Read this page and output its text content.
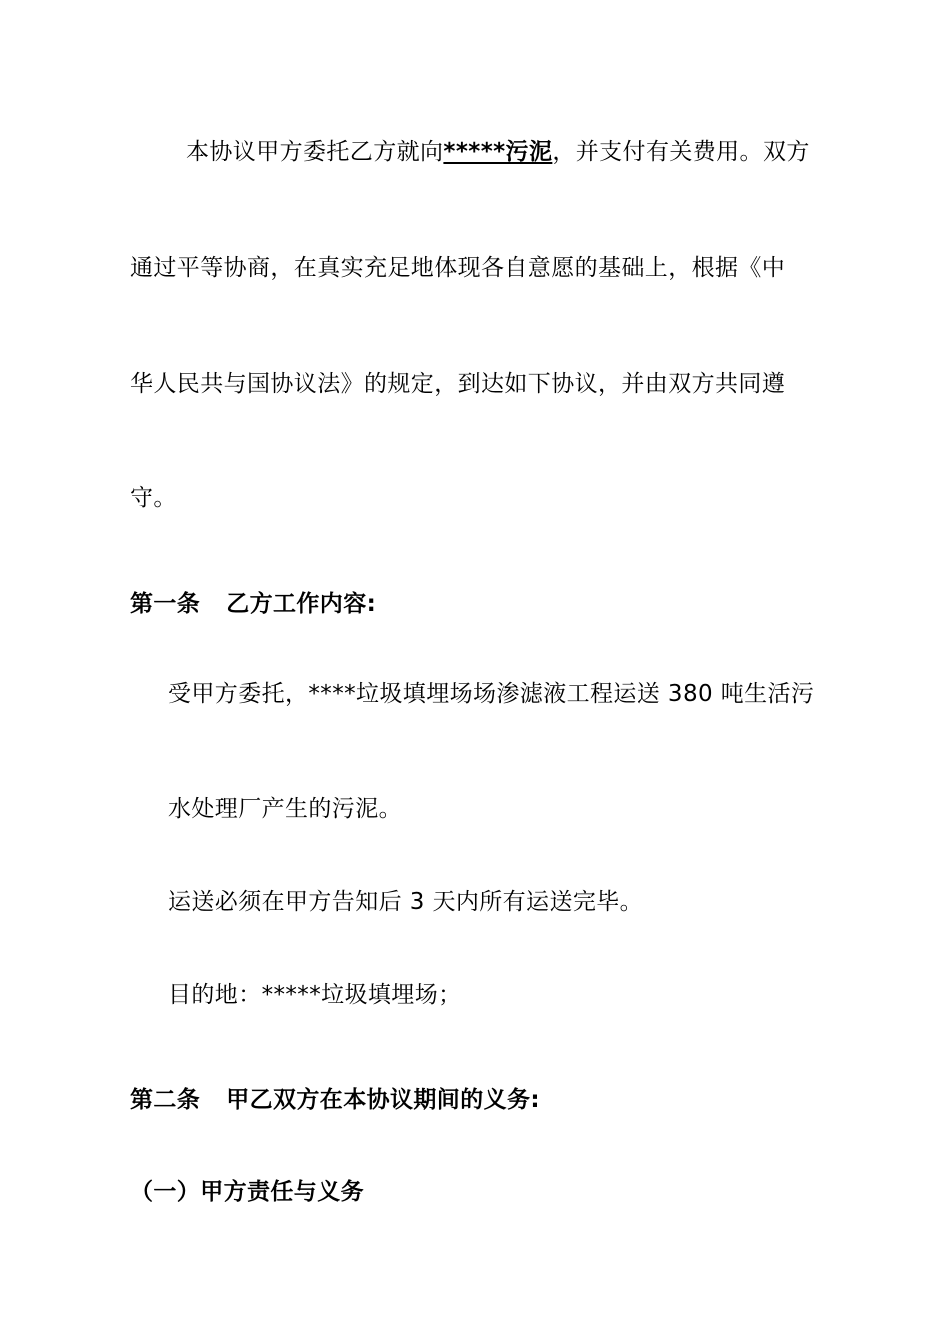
本协议甲方委托乙方就向*****污泥，并支付有关费用。双方
通过平等协商，在真实充足地体现各自意愿的基础上，根据《中
华人民共与国协议法》的规定，到达如下协议，并由双方共同遵
守。
第一条 乙方工作内容:
受甲方委托，****垃圾填埋场场渗滤液工程运送 380 吨生活污
水处理厂产生的污泥。
运送必须在甲方告知后 3 天内所有运送完毕。
目的地：*****垃圾填埋场；
第二条 甲乙双方在本协议期间的义务:
（一）甲方责任与义务
